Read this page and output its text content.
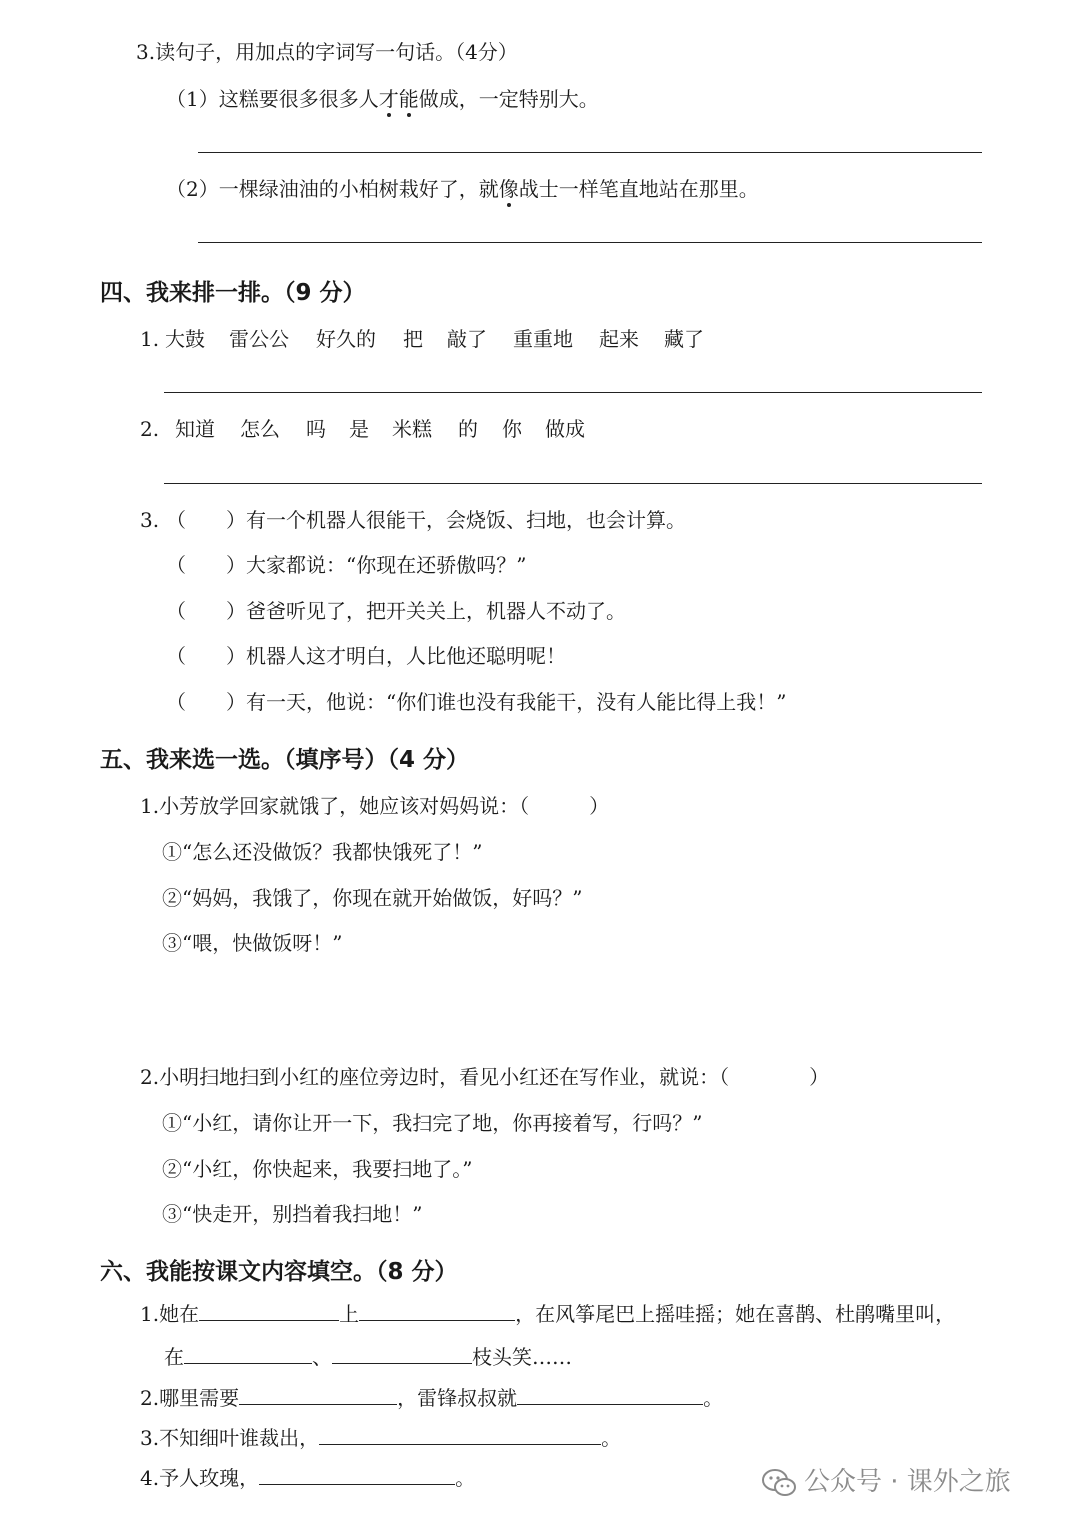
3.读句子，用加点的字词写一句话。（4分）
（1）这糕要很多很多人才能做成，一定特别大。
（2）一棵绿油油的小柏树栽好了，就像战士一样笔直地站在那里。
四、我来排一排。（9 分）
1. 大鼓 雷公公 好久的 把 敲了 重重地 起来 藏了
2. 知道 怎么 吗 是 米糕 的 你 做成
3. （　　）有一个机器人很能干，会烧饭、扫地，也会计算。
（　　）大家都说：“你现在还骄傲吗？”
（　　）爸爸听见了，把开关关上，机器人不动了。
（　　）机器人这才明白，人比他还聪明呢！
（　　）有一天，他说：“你们谁也没有我能干，没有人能比得上我！”
五、我来选一选。（填序号）（4 分）
1.小芳放学回家就饿了，她应该对妈妈说：（　　　）
①“怎么还没做饭？我都快饿死了！”
②“妈妈，我饿了，你现在就开始做饭，好吗？”
③“喂，快做饭呀！”
2.小明扫地扫到小红的座位旁边时，看见小红还在写作业，就说：（　　　　）
①“小红，请你让开一下，我扫完了地，你再接着写，行吗？”
②“小红，你快起来，我要扫地了。”
③“快走开，别挡着我扫地！”
六、我能按课文内容填空。（8 分）
1.她在	上	，在风筝尾巴上摇哇摇；她在喜鹊、杜鹃嘴里叫，
在	、	枝头笑……
2.哪里需要	，雷锋叔叔就	。
3.不知细叶谁裁出，	。
4.予人玫瑰，	。	公众号 · 课外之旅
